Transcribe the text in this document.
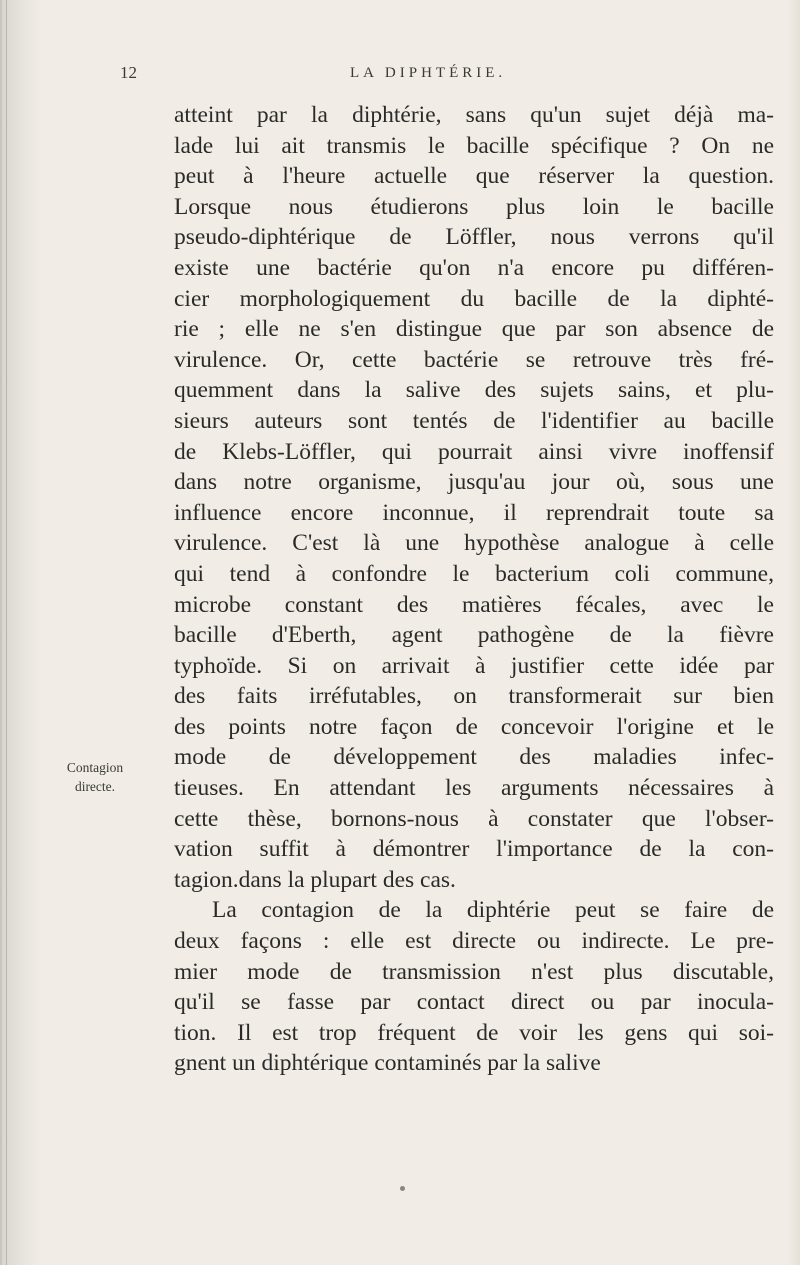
12	LA DIPHTÉRIE.
Contagion
directe.
atteint par la diphtérie, sans qu'un sujet déjà ma-
lade lui ait transmis le bacille spécifique ? On ne
peut à l'heure actuelle que réserver la question.
Lorsque nous étudierons plus loin le bacille
pseudo-diphtérique de Löffler, nous verrons qu'il
existe une bactérie qu'on n'a encore pu différen-
cier morphologiquement du bacille de la diphté-
rie ; elle ne s'en distingue que par son absence de
virulence. Or, cette bactérie se retrouve très fré-
quemment dans la salive des sujets sains, et plu-
sieurs auteurs sont tentés de l'identifier au bacille
de Klebs-Löffler, qui pourrait ainsi vivre inoffensif
dans notre organisme, jusqu'au jour où, sous une
influence encore inconnue, il reprendrait toute sa
virulence. C'est là une hypothèse analogue à celle
qui tend à confondre le bacterium coli commune,
microbe constant des matières fécales, avec le
bacille d'Eberth, agent pathogène de la fièvre
typhoïde. Si on arrivait à justifier cette idée par
des faits irréfutables, on transformerait sur bien
des points notre façon de concevoir l'origine et le
mode de développement des maladies infec-
tieuses. En attendant les arguments nécessaires à
cette thèse, bornons-nous à constater que l'obser-
vation suffit à démontrer l'importance de la con-
tagion.dans la plupart des cas.
La contagion de la diphtérie peut se faire de
deux façons : elle est directe ou indirecte. Le pre-
mier mode de transmission n'est plus discutable,
qu'il se fasse par contact direct ou par inocula-
tion. Il est trop fréquent de voir les gens qui soi-
gnent un diphtérique contaminés par la salive
